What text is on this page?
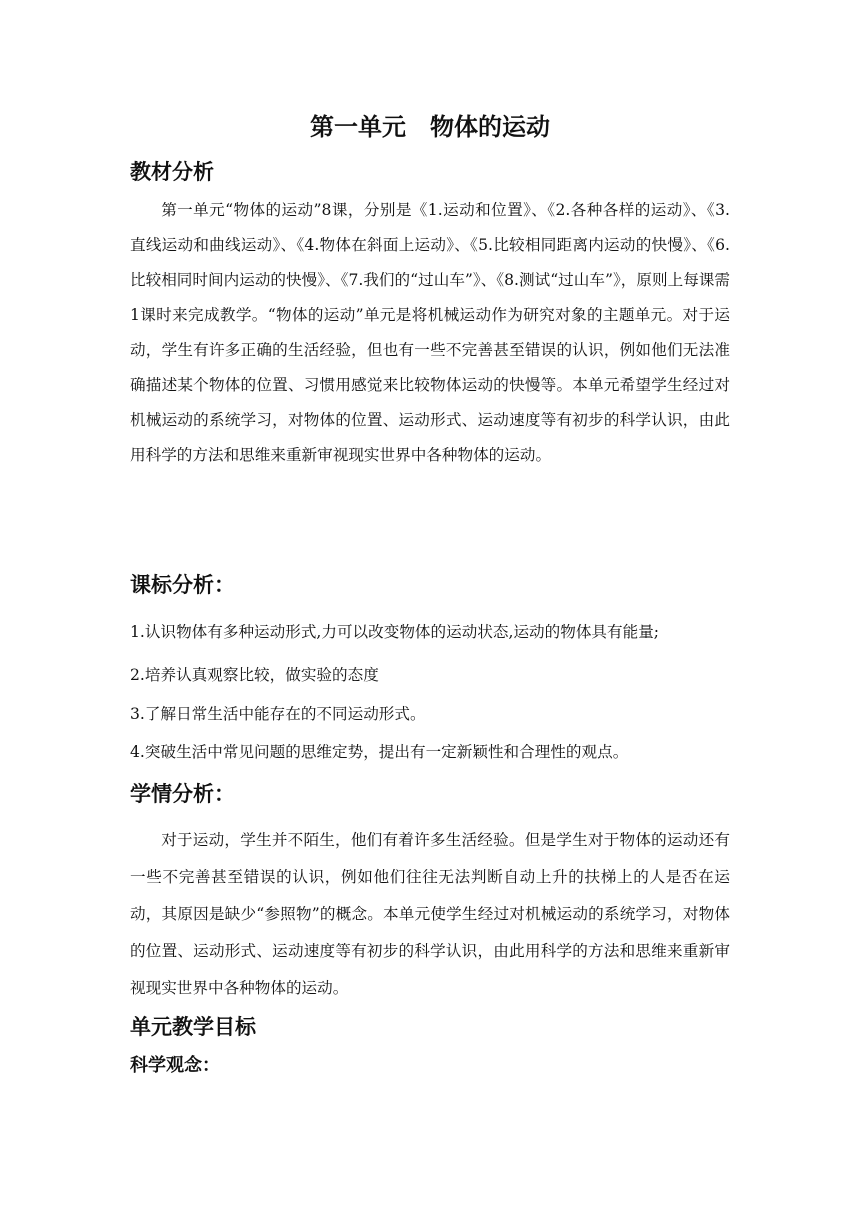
第一单元　物体的运动
教材分析

第一单元“物体的运动”8课，分别是《1.运动和位置》、《2.各种各样的运动》、《3.直线运动和曲线运动》、《4.物体在斜面上运动》、《5.比较相同距离内运动的快慢》、《6.比较相同时间内运动的快慢》、《7.我们的“过山车”》、《8.测试“过山车”》，原则上每课需1课时来完成教学。“物体的运动”单元是将机械运动作为研究对象的主题单元。对于运动，学生有许多正确的生活经验，但也有一些不完善甚至错误的认识，例如他们无法准确描述某个物体的位置、习惯用感觉来比较物体运动的快慢等。本单元希望学生经过对机械运动的系统学习，对物体的位置、运动形式、运动速度等有初步的科学认识，由此用科学的方法和思维来重新审视现实世界中各种物体的运动。

课标分析：
1.认识物体有多种运动形式,力可以改变物体的运动状态,运动的物体具有能量;
2.培养认真观察比较，做实验的态度
3.了解日常生活中能存在的不同运动形式。
4.突破生活中常见问题的思维定势，提出有一定新颖性和合理性的观点。
学情分析：

对于运动，学生并不陌生，他们有着许多生活经验。但是学生对于物体的运动还有一些不完善甚至错误的认识，例如他们往往无法判断自动上升的扶梯上的人是否在运动，其原因是缺少“参照物”的概念。本单元使学生经过对机械运动的系统学习，对物体的位置、运动形式、运动速度等有初步的科学认识，由此用科学的方法和思维来重新审视现实世界中各种物体的运动。

单元教学目标
科学观念：
